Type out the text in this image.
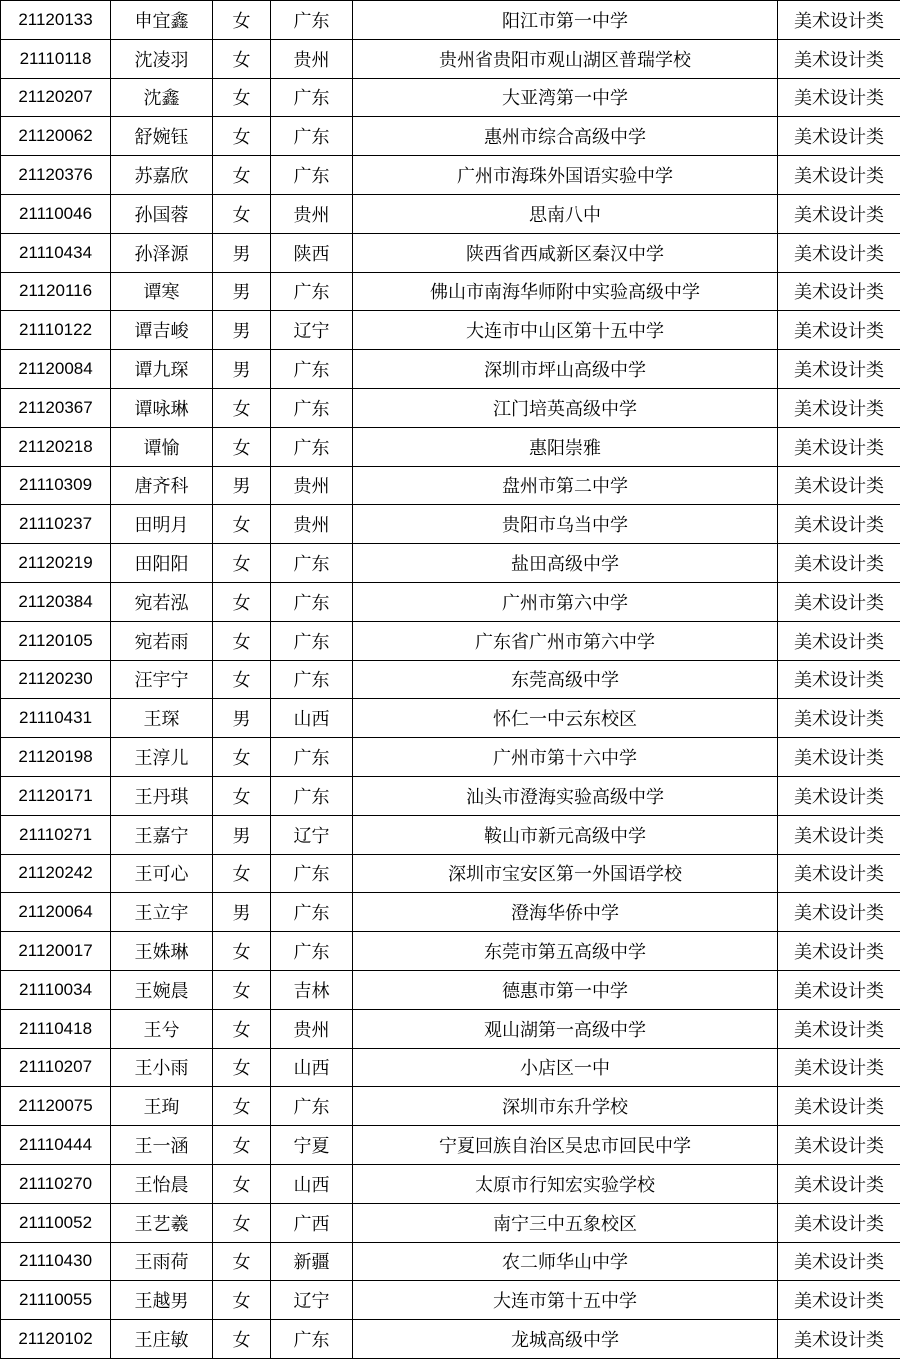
21120133	申宜鑫	女	广东	阳江市第一中学	美术设计类
21110118	沈凌羽	女	贵州	贵州省贵阳市观山湖区普瑞学校	美术设计类
21120207	沈鑫	女	广东	大亚湾第一中学	美术设计类
21120062	舒婉钰	女	广东	惠州市综合高级中学	美术设计类
21120376	苏嘉欣	女	广东	广州市海珠外国语实验中学	美术设计类
21110046	孙国蓉	女	贵州	思南八中	美术设计类
21110434	孙泽源	男	陕西	陕西省西咸新区秦汉中学	美术设计类
21120116	谭寒	男	广东	佛山市南海华师附中实验高级中学	美术设计类
21110122	谭吉峻	男	辽宁	大连市中山区第十五中学	美术设计类
21120084	谭九琛	男	广东	深圳市坪山高级中学	美术设计类
21120367	谭咏琳	女	广东	江门培英高级中学	美术设计类
21120218	谭愉	女	广东	惠阳崇雅	美术设计类
21110309	唐齐科	男	贵州	盘州市第二中学	美术设计类
21110237	田明月	女	贵州	贵阳市乌当中学	美术设计类
21120219	田阳阳	女	广东	盐田高级中学	美术设计类
21120384	宛若泓	女	广东	广州市第六中学	美术设计类
21120105	宛若雨	女	广东	广东省广州市第六中学	美术设计类
21120230	汪宇宁	女	广东	东莞高级中学	美术设计类
21110431	王琛	男	山西	怀仁一中云东校区	美术设计类
21120198	王淳儿	女	广东	广州市第十六中学	美术设计类
21120171	王丹琪	女	广东	汕头市澄海实验高级中学	美术设计类
21110271	王嘉宁	男	辽宁	鞍山市新元高级中学	美术设计类
21120242	王可心	女	广东	深圳市宝安区第一外国语学校	美术设计类
21120064	王立宇	男	广东	澄海华侨中学	美术设计类
21120017	王姝琳	女	广东	东莞市第五高级中学	美术设计类
21110034	王婉晨	女	吉林	德惠市第一中学	美术设计类
21110418	王兮	女	贵州	观山湖第一高级中学	美术设计类
21110207	王小雨	女	山西	小店区一中	美术设计类
21120075	王珣	女	广东	深圳市东升学校	美术设计类
21110444	王一涵	女	宁夏	宁夏回族自治区吴忠市回民中学	美术设计类
21110270	王怡晨	女	山西	太原市行知宏实验学校	美术设计类
21110052	王艺羲	女	广西	南宁三中五象校区	美术设计类
21110430	王雨荷	女	新疆	农二师华山中学	美术设计类
21110055	王越男	女	辽宁	大连市第十五中学	美术设计类
21120102	王庄敏	女	广东	龙城高级中学	美术设计类
